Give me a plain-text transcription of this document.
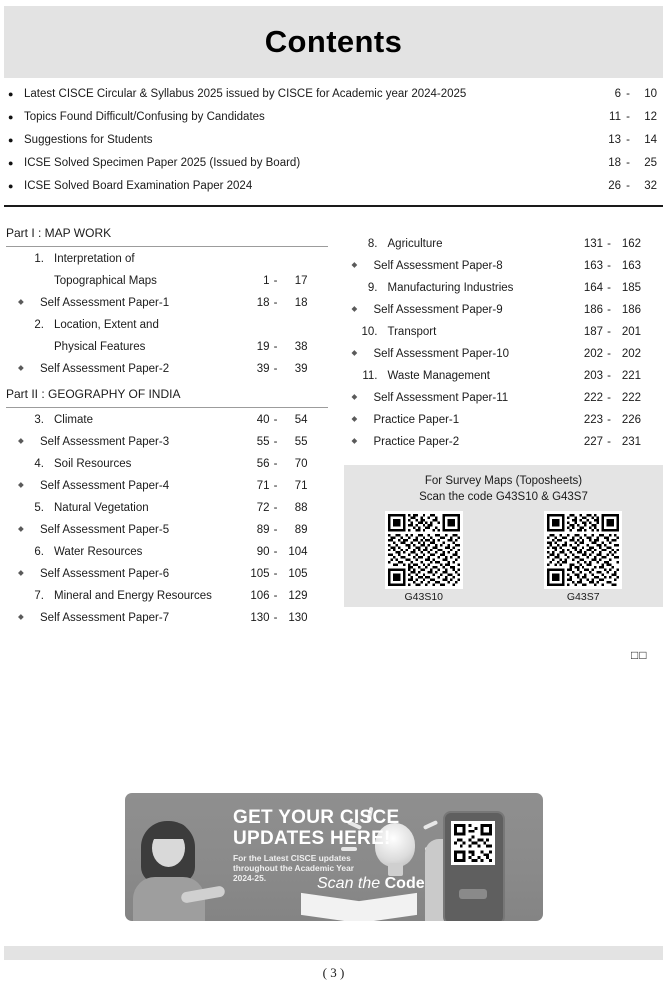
Contents
● Latest CISCE Circular & Syllabus 2025 issued by CISCE for Academic year 2024-2025	6 -	10
● Topics Found Difficult/Confusing by Candidates	11 -	12
● Suggestions for Students	13 -	14
● ICSE Solved Specimen Paper 2025 (Issued by Board)	18 -	25
● ICSE Solved Board Examination Paper 2024	26 -	32
Part I : MAP WORK
1. Interpretation of
Topographical Maps	1 -	17
◆	Self Assessment Paper-1	18 -	18
2. Location, Extent and
Physical Features	19 -	38
◆	Self Assessment Paper-2	39 -	39
Part II : GEOGRAPHY OF INDIA
3. Climate	40 -	54
◆	Self Assessment Paper-3	55 -	55
4. Soil Resources	56 -	70
◆	Self Assessment Paper-4	71 -	71
5. Natural Vegetation	72 -	88
◆	Self Assessment Paper-5	89 -	89
6. Water Resources	90 - 104
◆	Self Assessment Paper-6	105 - 105
7. Mineral and Energy Resources	106 - 129
◆	Self Assessment Paper-7	130 - 130
8. Agriculture	131 - 162
◆	Self Assessment Paper-8	163 - 163
9. Manufacturing Industries	164 - 185
◆	Self Assessment Paper-9	186 - 186
10. Transport	187 - 201
◆	Self Assessment Paper-10	202 - 202
11. Waste Management	203 - 221
◆	Self Assessment Paper-11	222 - 222
◆	Practice Paper-1	223 - 226
◆	Practice Paper-2	227 - 231
For Survey Maps (Toposheets)
Scan the code G43S10 & G43S7
G43S10	G43S7
□□
GET YOUR CISCE
UPDATES HERE!
For the Latest CISCE updates
throughout the Academic Year
2024-25.	Scan the Code
( 3 )
